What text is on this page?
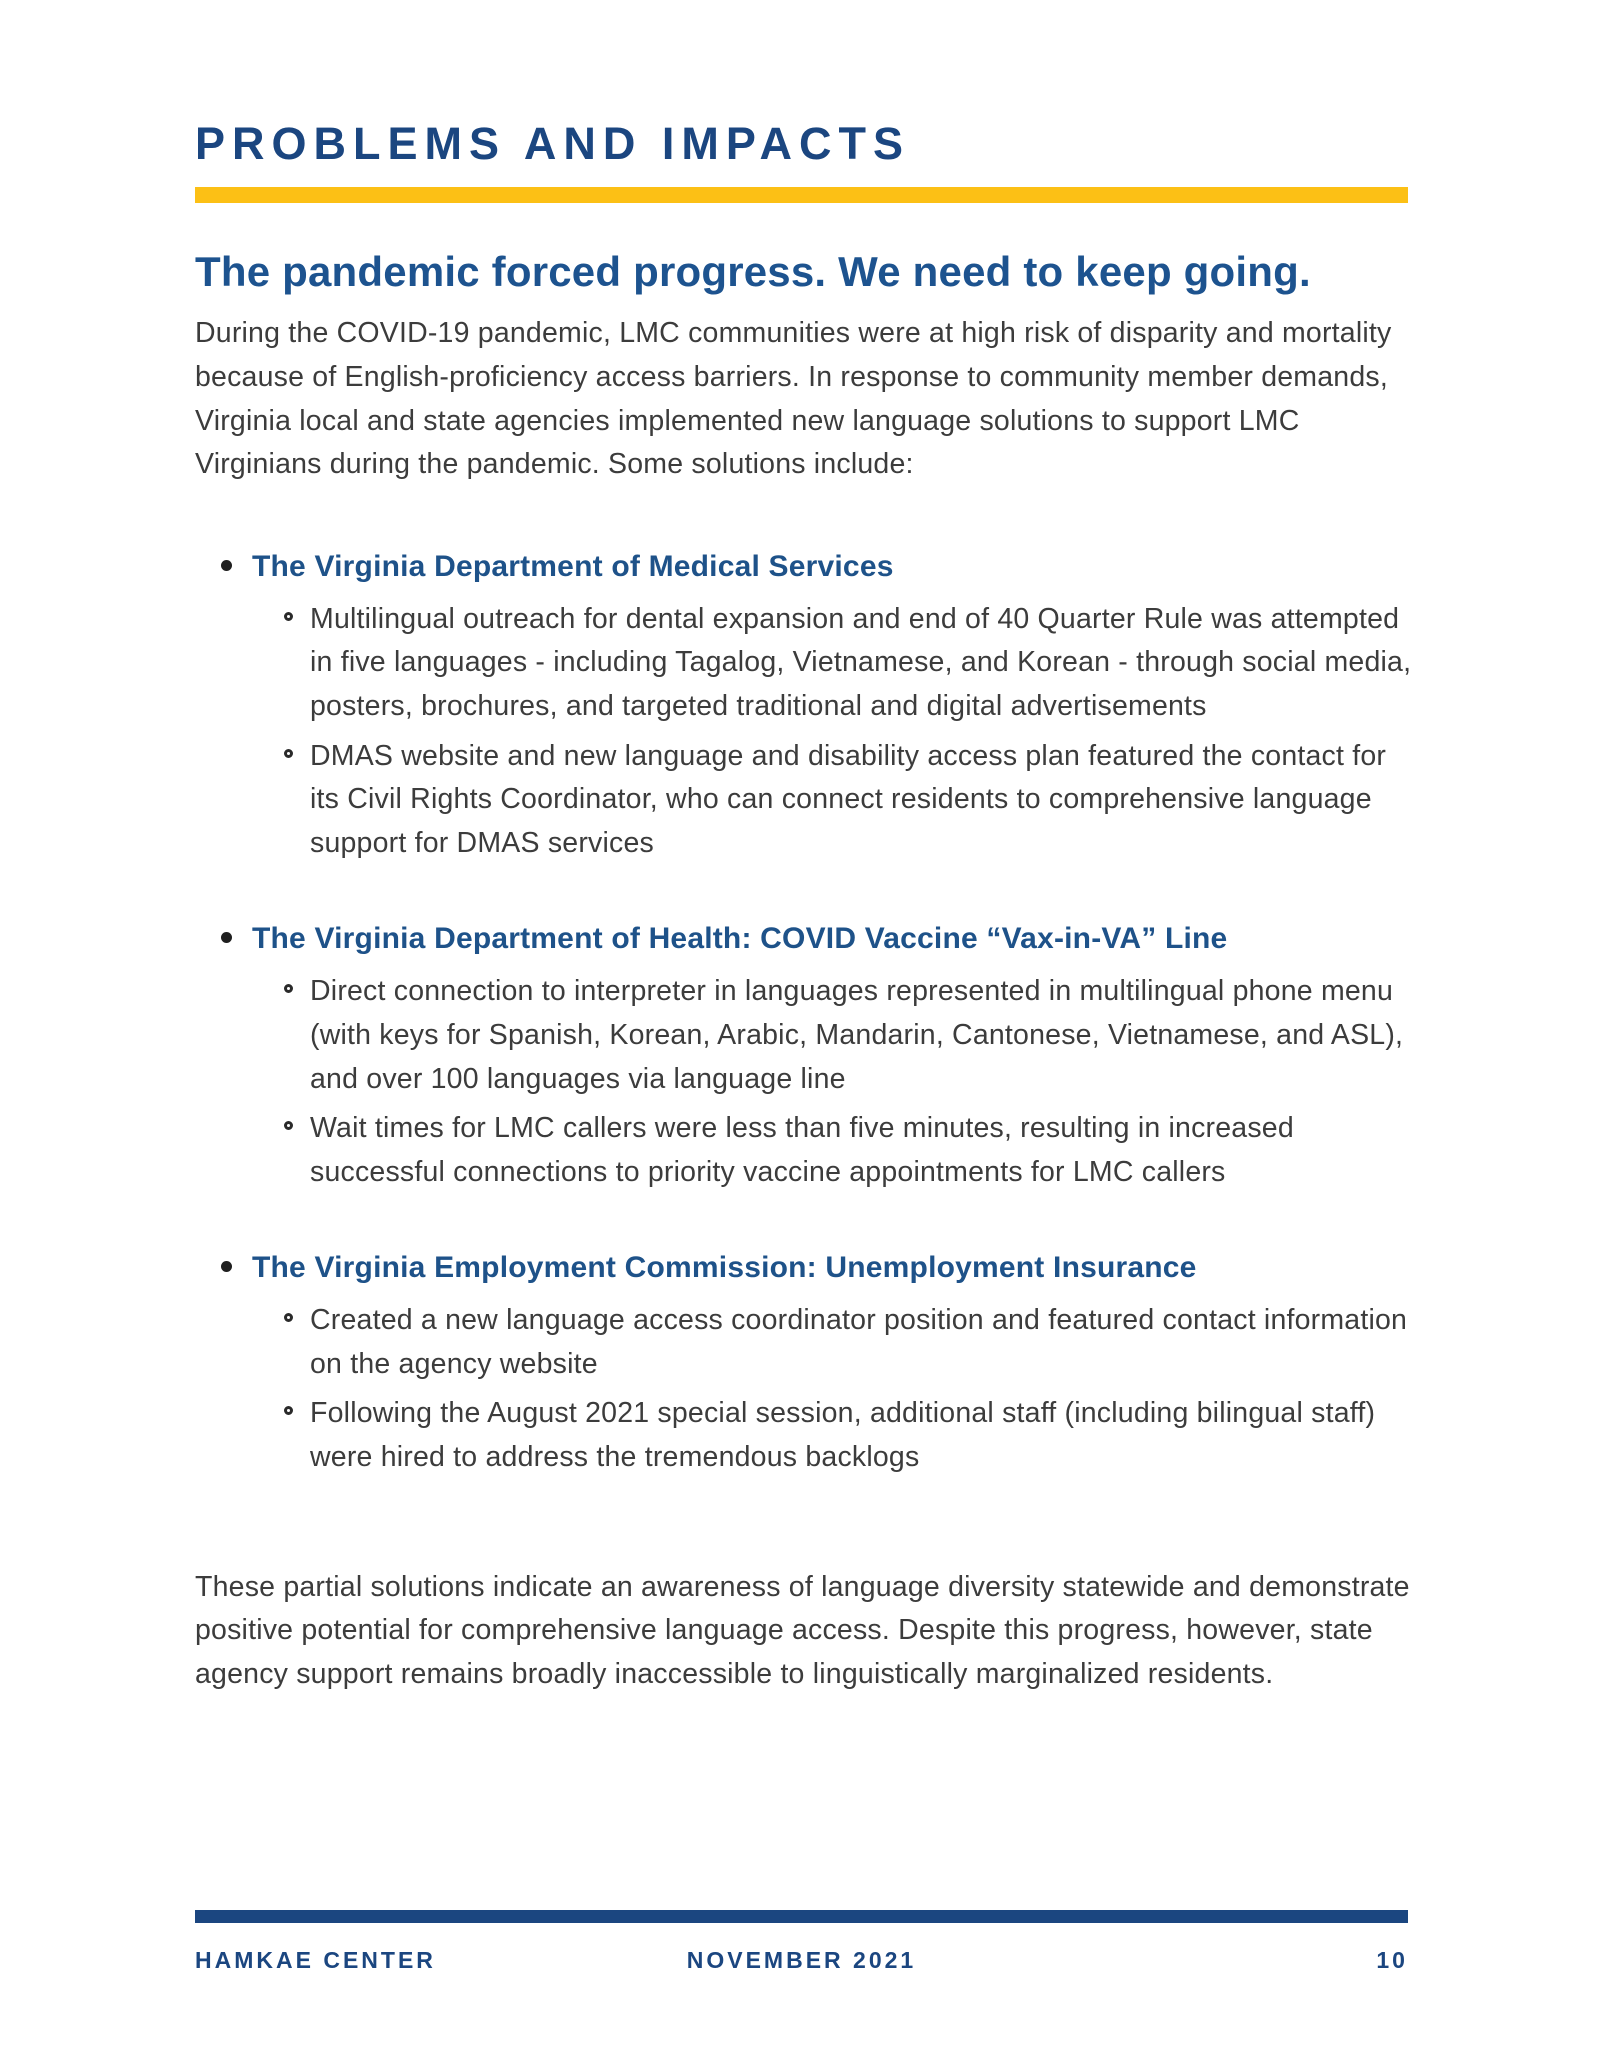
PROBLEMS AND IMPACTS
The pandemic forced progress. We need to keep going.

During the COVID-19 pandemic, LMC communities were at high risk of disparity and mortality because of English-proficiency access barriers. In response to community member demands, Virginia local and state agencies implemented new language solutions to support LMC Virginians during the pandemic. Some solutions include:

The Virginia Department of Medical Services
Multilingual outreach for dental expansion and end of 40 Quarter Rule was attempted in five languages - including Tagalog, Vietnamese, and Korean - through social media, posters, brochures, and targeted traditional and digital advertisements
DMAS website and new language and disability access plan featured the contact for its Civil Rights Coordinator, who can connect residents to comprehensive language support for DMAS services
The Virginia Department of Health: COVID Vaccine “Vax-in-VA” Line
Direct connection to interpreter in languages represented in multilingual phone menu (with keys for Spanish, Korean, Arabic, Mandarin, Cantonese, Vietnamese, and ASL), and over 100 languages via language line
Wait times for LMC callers were less than five minutes, resulting in increased successful connections to priority vaccine appointments for LMC callers
The Virginia Employment Commission: Unemployment Insurance
Created a new language access coordinator position and featured contact information on the agency website
Following the August 2021 special session, additional staff (including bilingual staff) were hired to address the tremendous backlogs

These partial solutions indicate an awareness of language diversity statewide and demonstrate positive potential for comprehensive language access. Despite this progress, however, state agency support remains broadly inaccessible to linguistically marginalized residents.

HAMKAE CENTER	NOVEMBER 2021	10
